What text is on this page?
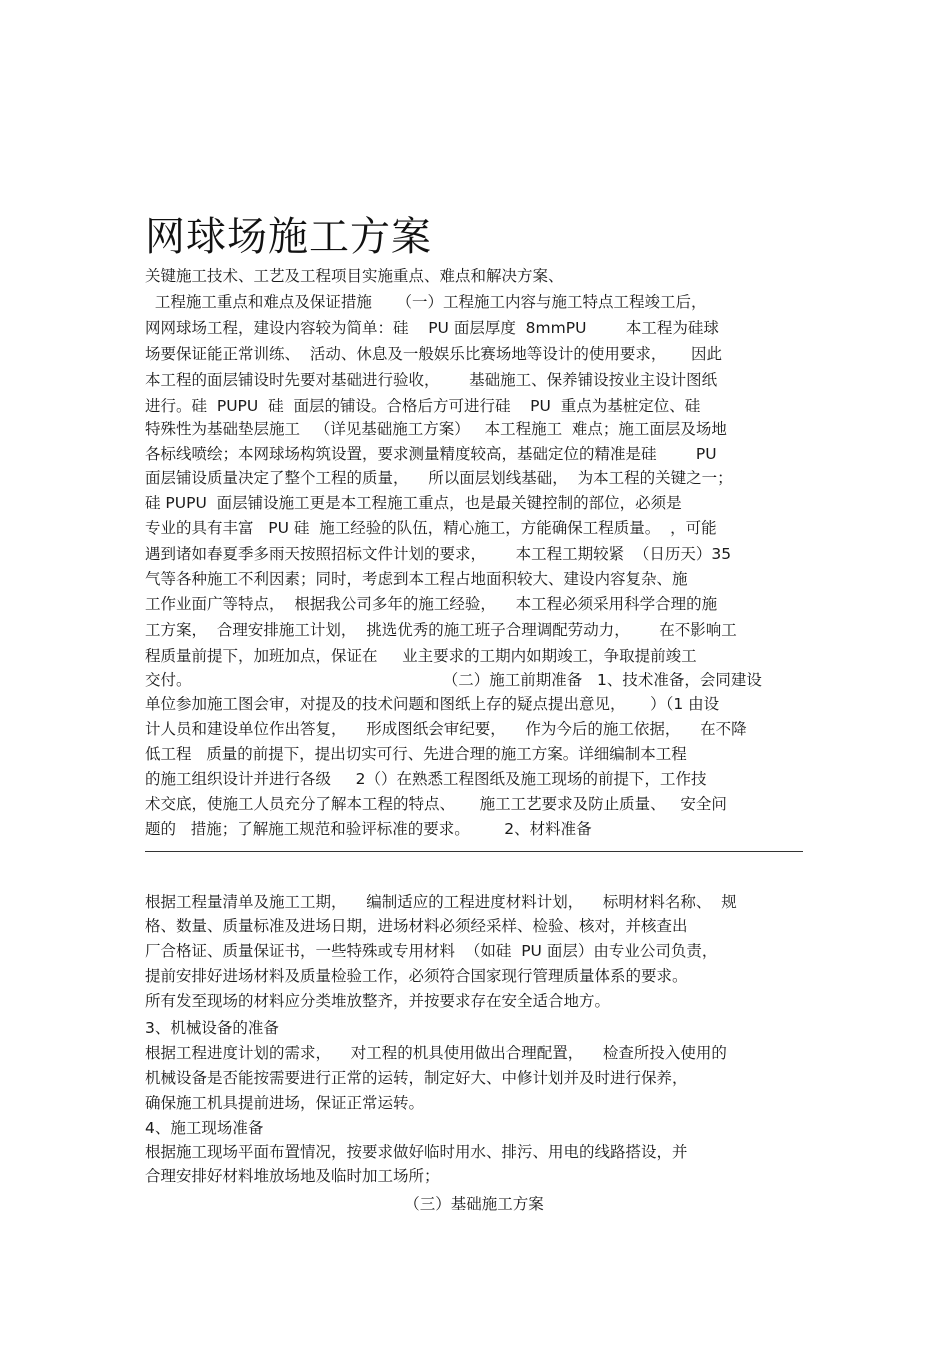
网球场施工方案
关键施工技术、工艺及工程项目实施重点、难点和解决方案、
工程施工重点和难点及保证措施     （一）工程施工内容与施工特点工程竣工后，
网网球场工程，建设内容较为简单：硅    PU 面层厚度  8mmPU        本工程为硅球
场要保证能正常训练、  活动、休息及一般娱乐比赛场地等设计的使用要求，     因此
本工程的面层铺设时先要对基础进行验收，      基础施工、保养铺设按业主设计图纸
进行。硅  PUPU  硅  面层的铺设。合格后方可进行硅    PU  重点为基桩定位、硅
特殊性为基础垫层施工   （详见基础施工方案）   本工程施工  难点；施工面层及场地
各标线喷绘；本网球场构筑设置，要求测量精度较高，基础定位的精准是硅        PU
面层铺设质量决定了整个工程的质量，    所以面层划线基础，  为本工程的关键之一；
硅 PUPU  面层铺设施工更是本工程施工重点，也是最关键控制的部位，必须是
专业的具有丰富   PU 硅  施工经验的队伍，精心施工，方能确保工程质量。  ，可能
遇到诸如春夏季多雨天按照招标文件计划的要求，      本工程工期较紧  （日历天）35
气等各种施工不利因素；同时，考虑到本工程占地面积较大、建设内容复杂、施
工作业面广等特点，  根据我公司多年的施工经验，    本工程必须采用科学合理的施
工方案，  合理安排施工计划，  挑选优秀的施工班子合理调配劳动力，      在不影响工
程质量前提下，加班加点，保证在     业主要求的工期内如期竣工，争取提前竣工
交付。                                                   （二）施工前期准备   1、技术准备，会同建设
单位参加施工图会审，对提及的技术问题和图纸上存的疑点提出意见，     ）（1 由设
计人员和建设单位作出答复，    形成图纸会审纪要，    作为今后的施工依据，    在不降
低工程   质量的前提下，提出切实可行、先进合理的施工方案。详细编制本工程
的施工组织设计并进行各级     2（）在熟悉工程图纸及施工现场的前提下，工作技
术交底，使施工人员充分了解本工程的特点、     施工工艺要求及防止质量、   安全问
题的   措施；了解施工规范和验评标准的要求。       2、材料准备
根据工程量清单及施工工期，    编制适应的工程进度材料计划，    标明材料名称、  规
格、数量、质量标准及进场日期，进场材料必须经采样、检验、核对，并核查出
厂合格证、质量保证书，一些特殊或专用材料  （如硅  PU 面层）由专业公司负责，
提前安排好进场材料及质量检验工作，必须符合国家现行管理质量体系的要求。
所有发至现场的材料应分类堆放整齐，并按要求存在安全适合地方。
3、机械设备的准备
根据工程进度计划的需求，    对工程的机具使用做出合理配置，    检查所投入使用的
机械设备是否能按需要进行正常的运转，制定好大、中修计划并及时进行保养，
确保施工机具提前进场，保证正常运转。
4、施工现场准备
根据施工现场平面布置情况，按要求做好临时用水、排污、用电的线路搭设，并
合理安排好材料堆放场地及临时加工场所；
（三）基础施工方案
